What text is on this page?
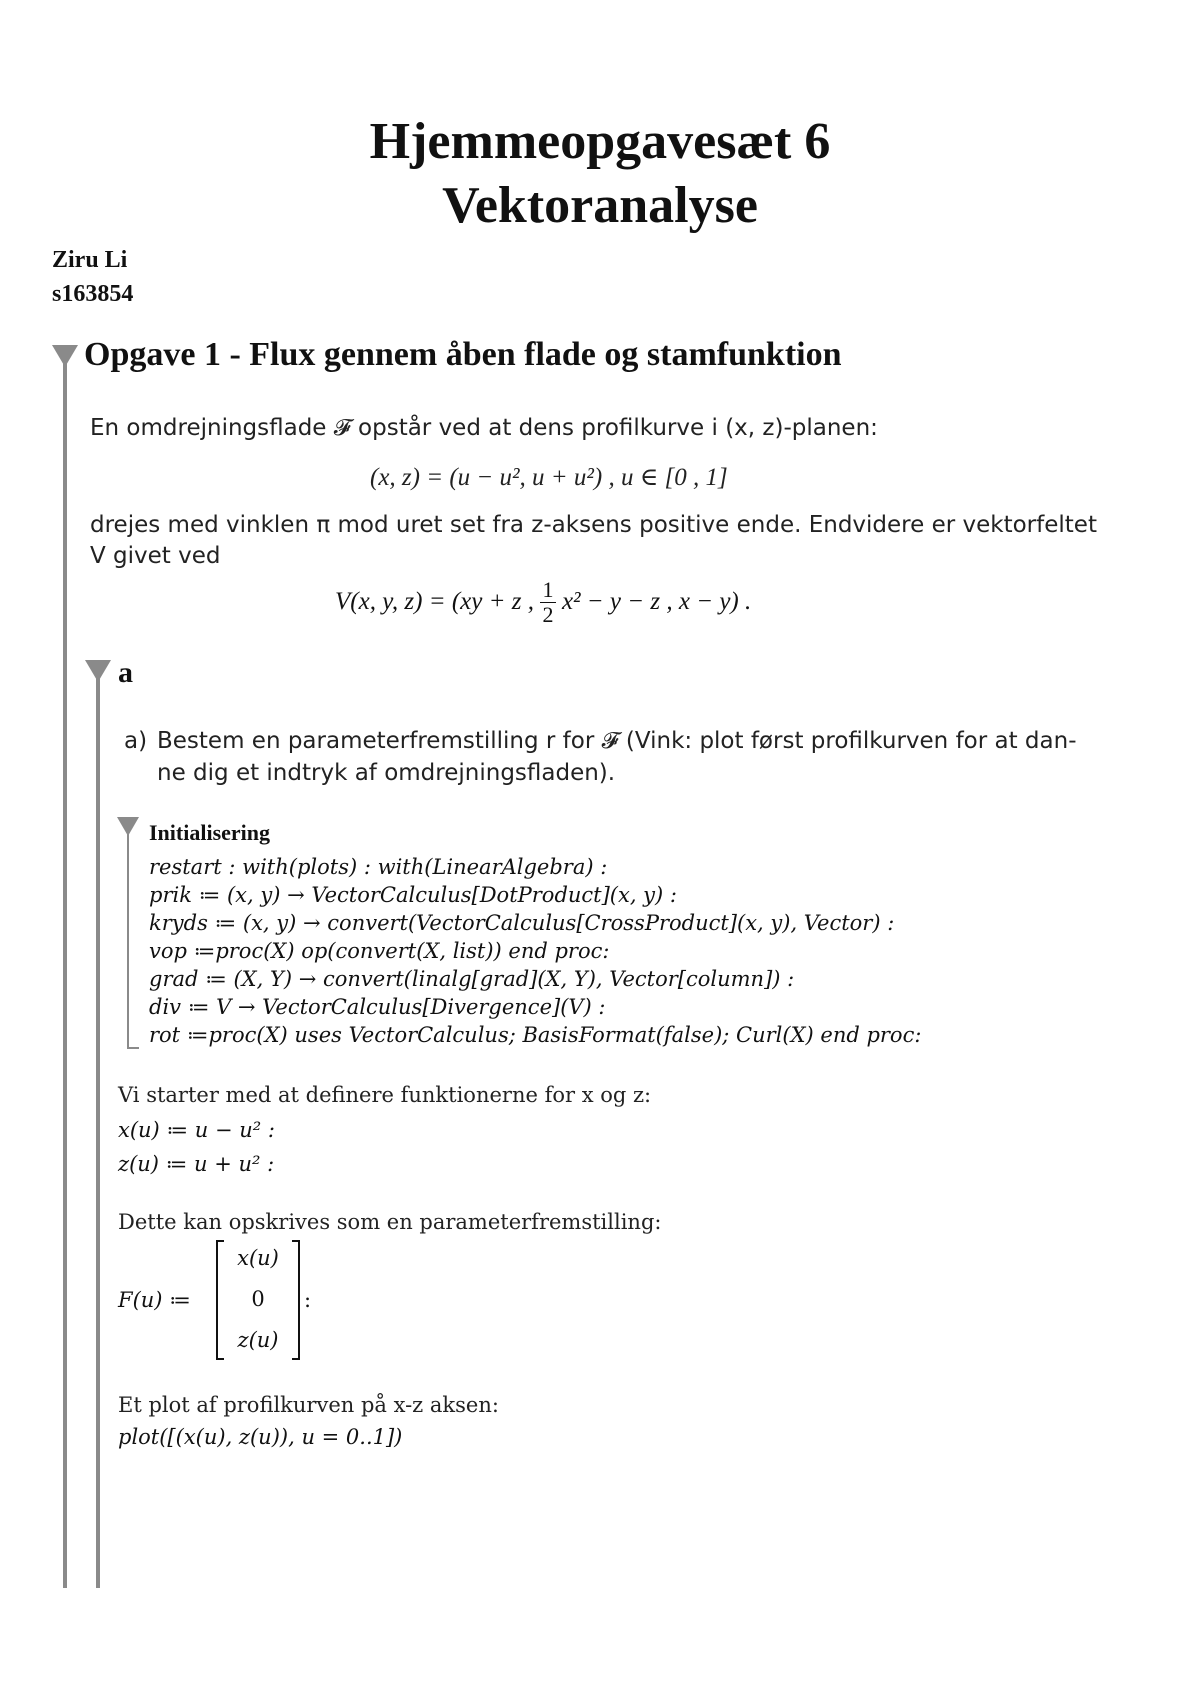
Hjemmeopgavesæt 6
Vektoranalyse
Ziru Li
s163854
Opgave 1 - Flux gennem åben flade og stamfunktion
En omdrejningsflade 𝓕 opstår ved at dens profilkurve i (x, z)-planen:
(x, z) = (u − u², u + u²) , u ∈ [0 , 1]
drejes med vinklen π mod uret set fra z-aksens positive ende. Endvidere er vektorfeltet
V givet ved
V(x, y, z) = (xy + z , $\frac{1}{2} x^2 - y - z$ , x − y) .
a
a) Bestem en parameterfremstilling r for 𝓕 (Vink: plot først profilkurven for at dan-
ne dig et indtryk af omdrejningsfladen).
Initialisering
restart : with(plots) : with(LinearAlgebra) :
prik ≔ (x, y) → VectorCalculus[DotProduct](x, y) :
kryds ≔ (x, y) → convert(VectorCalculus[CrossProduct](x, y), Vector) :
vop ≔proc(X) op(convert(X, list)) end proc:
grad ≔ (X, Y) → convert(linalg[grad](X, Y), Vector[column]) :
div ≔ V → VectorCalculus[Divergence](V) :
rot ≔proc(X) uses VectorCalculus; BasisFormat(false); Curl(X) end proc:
Vi starter med at definere funktionerne for x og z:
x(u) ≔ u − u² :
z(u) ≔ u + u² :
Dette kan opskrives som en parameterfremstilling:
F(u) ≔
x(u)
0
z(u)
:
Et plot af profilkurven på x-z aksen:
plot([(x(u), z(u)), u = 0..1])
